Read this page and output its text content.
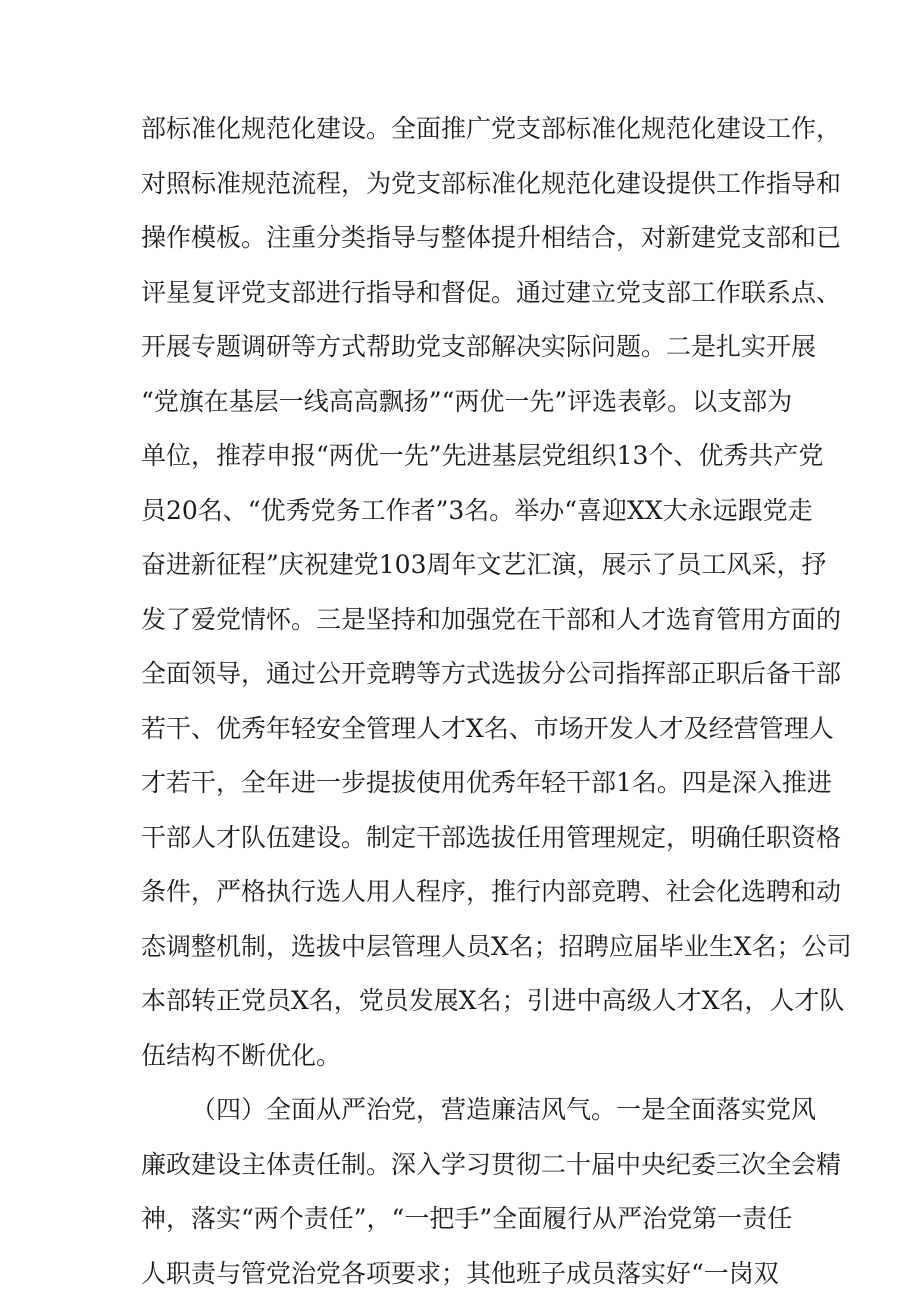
部标准化规范化建设。全面推广党支部标准化规范化建设工作，
对照标准规范流程，为党支部标准化规范化建设提供工作指导和
操作模板。注重分类指导与整体提升相结合，对新建党支部和已
评星复评党支部进行指导和督促。通过建立党支部工作联系点、
开展专题调研等方式帮助党支部解决实际问题。二是扎实开展
“党旗在基层一线高高飘扬”“两优一先”评选表彰。以支部为
单位，推荐申报“两优一先”先进基层党组织13个、优秀共产党
员20名、“优秀党务工作者”3名。举办“喜迎XX大永远跟党走
奋进新征程”庆祝建党103周年文艺汇演，展示了员工风采，抒
发了爱党情怀。三是坚持和加强党在干部和人才选育管用方面的
全面领导，通过公开竞聘等方式选拔分公司指挥部正职后备干部
若干、优秀年轻安全管理人才X名、市场开发人才及经营管理人
才若干，全年进一步提拔使用优秀年轻干部1名。四是深入推进
干部人才队伍建设。制定干部选拔任用管理规定，明确任职资格
条件，严格执行选人用人程序，推行内部竞聘、社会化选聘和动
态调整机制，选拔中层管理人员X名；招聘应届毕业生X名；公司
本部转正党员X名，党员发展X名；引进中高级人才X名，人才队
伍结构不断优化。
（四）全面从严治党，营造廉洁风气。一是全面落实党风
廉政建设主体责任制。深入学习贯彻二十届中央纪委三次全会精
神，落实“两个责任”，“一把手”全面履行从严治党第一责任
人职责与管党治党各项要求；其他班子成员落实好“一岗双
